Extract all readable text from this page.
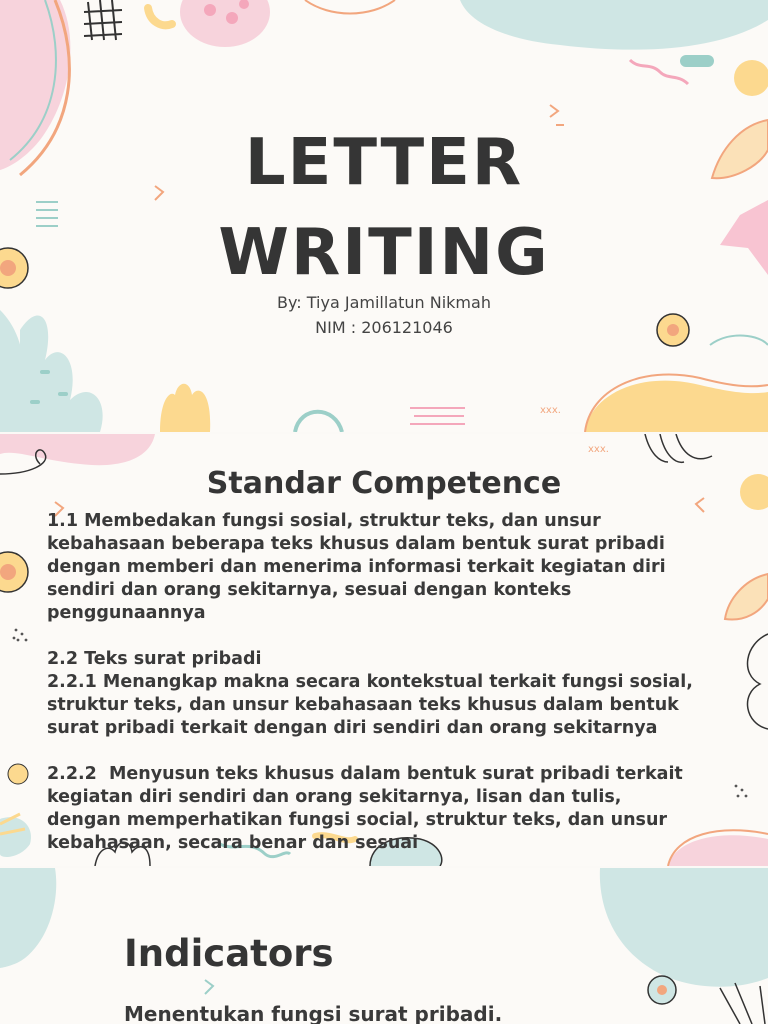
xxx.
LETTER
WRITING
By: Tiya Jamillatun Nikmah
NIM : 206121046
xxx.
Standar Competence

1.1 Membedakan fungsi sosial, struktur teks, dan unsur kebahasaan beberapa teks khusus dalam bentuk surat pribadi dengan memberi dan menerima informasi terkait kegiatan diri sendiri dan orang sekitarnya, sesuai dengan konteks penggunaannya

2.2 Teks surat pribadi
2.2.1 Menangkap makna secara kontekstual terkait fungsi sosial, struktur teks, dan unsur kebahasaan teks khusus dalam bentuk surat pribadi terkait dengan diri sendiri dan orang sekitarnya

2.2.2  Menyusun teks khusus dalam bentuk surat pribadi terkait kegiatan diri sendiri dan orang sekitarnya, lisan dan tulis, dengan memperhatikan fungsi social, struktur teks, dan unsur kebahasaan, secara benar dan sesuai

Indicators
Menentukan fungsi surat pribadi.
